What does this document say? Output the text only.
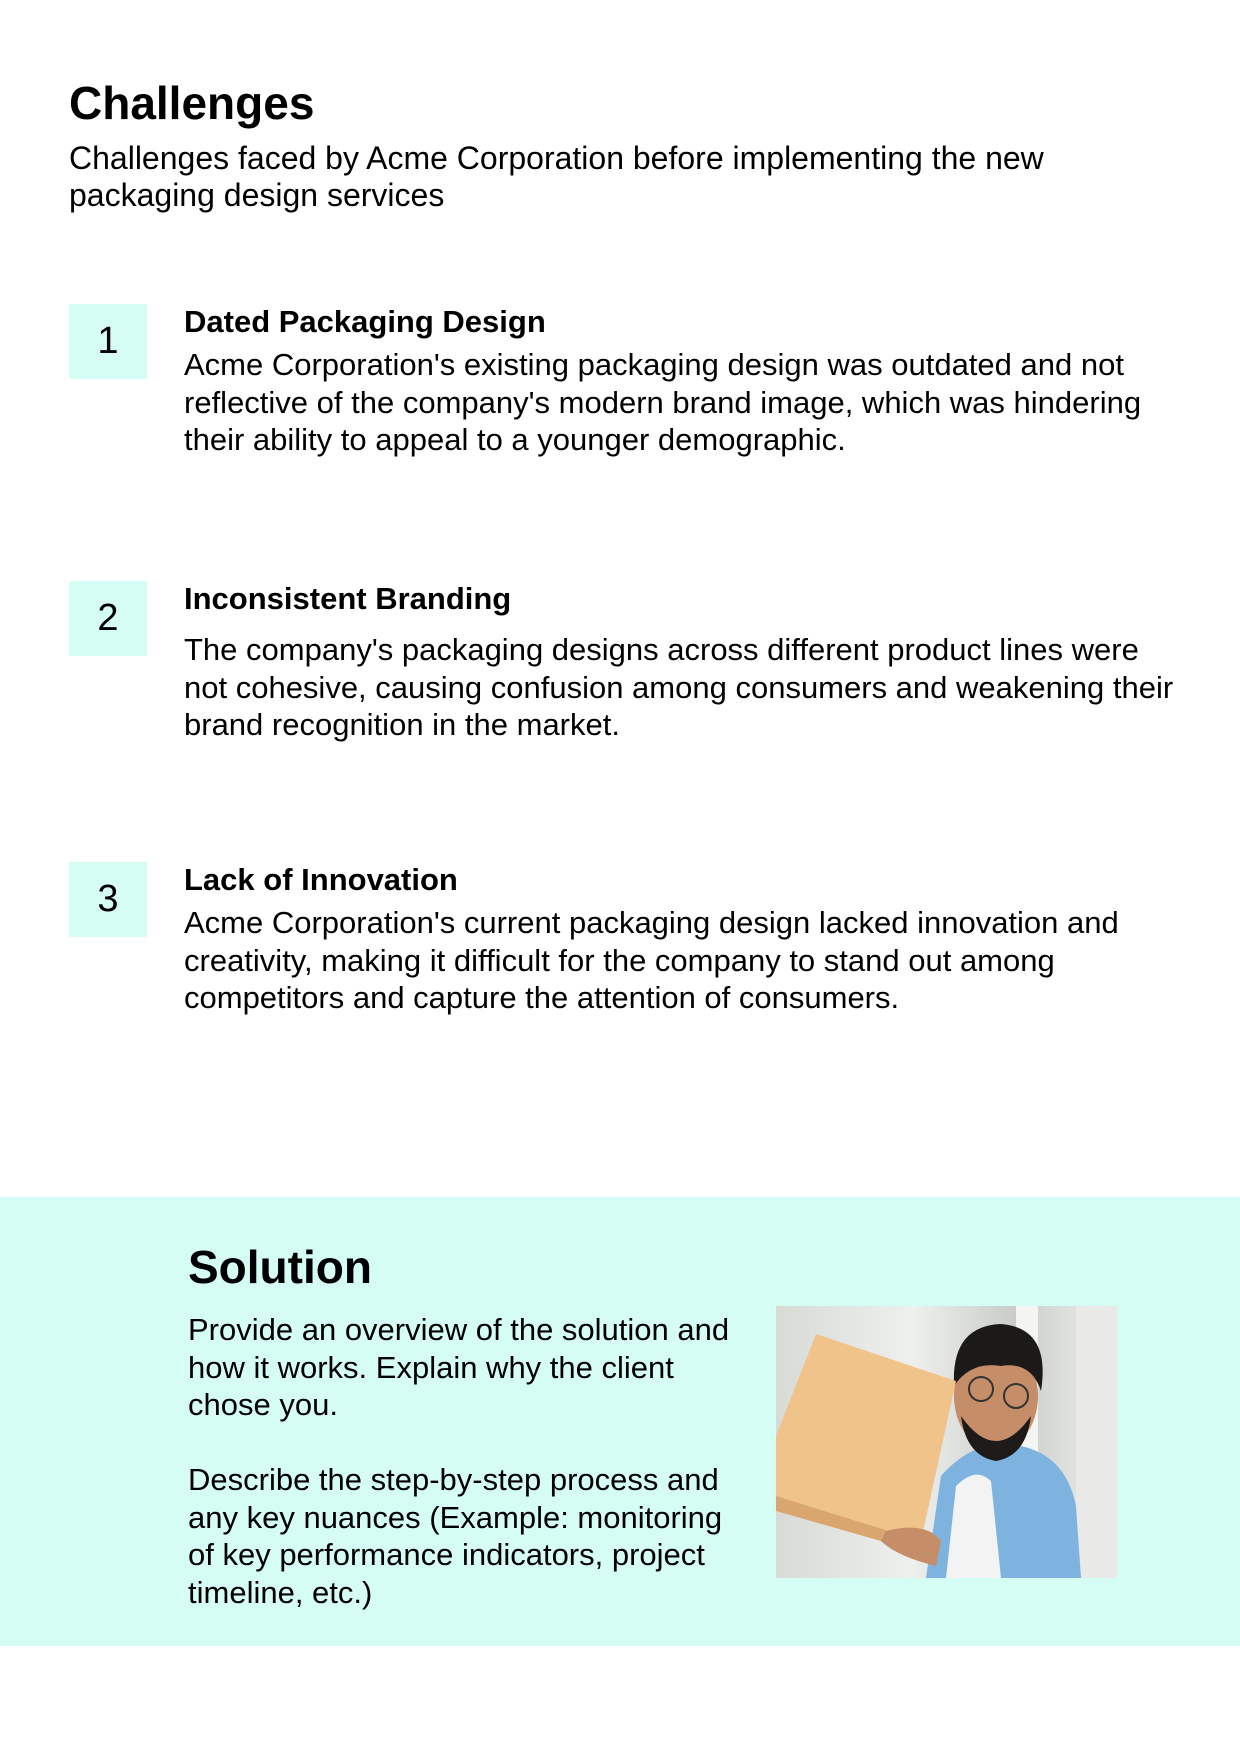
Challenges

Challenges faced by Acme Corporation before implementing the new packaging design services

1	Dated Packaging Design

Acme Corporation's existing packaging design was outdated and not reflective of the company's modern brand image, which was hindering their ability to appeal to a younger demographic.

2	Inconsistent Branding

The company's packaging designs across different product lines were not cohesive, causing confusion among consumers and weakening their brand recognition in the market.

3	Lack of Innovation

Acme Corporation's current packaging design lacked innovation and creativity, making it difficult for the company to stand out among competitors and capture the attention of consumers.

Solution

Provide an overview of the solution and how it works. Explain why the client chose you.

Describe the step-by-step process and any key nuances (Example: monitoring of key performance indicators, project timeline, etc.)
